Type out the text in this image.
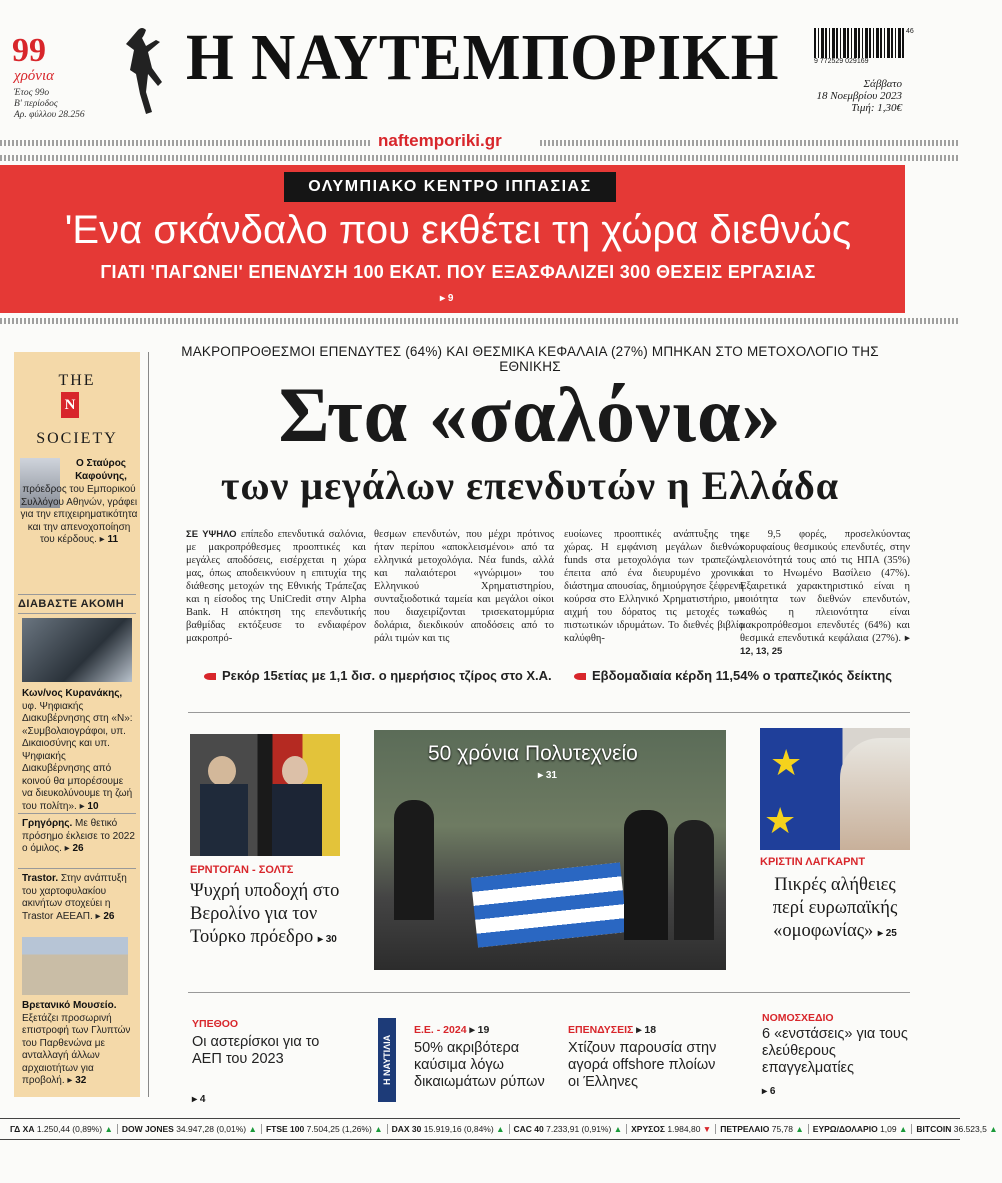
99
χρόνια
Έτος 99ο
Β' περίοδος
Αρ. φύλλου 28.256
Η ΝΑΥΤΕΜΠΟΡΙΚΗ
naftemporiki.gr
9 772529 029169
46
Σάββατο
18 Νοεμβρίου 2023
Τιμή: 1,30€
ΟΛΥΜΠΙΑΚΟ ΚΕΝΤΡΟ ΙΠΠΑΣΙΑΣ
'Ενα σκάνδαλο που εκθέτει τη χώρα διεθνώς
ΓΙΑΤΙ 'ΠΑΓΩΝΕΙ' ΕΠΕΝΔΥΣΗ 100 ΕΚΑΤ. ΠΟΥ ΕΞΑΣΦΑΛΙΖΕΙ 300 ΘΕΣΕΙΣ ΕΡΓΑΣΙΑΣ
▸ 9
THE
N
SOCIETY
Ο Σταύρος Καφούνης,
πρόεδρος του Εμπορικού Συλλόγου Αθηνών, γράφει για την επιχειρηματικότητα και την απενοχοποίηση του κέρδους. ▸ 11
ΔΙΑΒΑΣΤΕ ΑΚΟΜΗ
Κων/νος Κυρανάκης, υφ. Ψηφιακής Διακυβέρνησης στη «Ν»: «Συμβολαιογράφοι, υπ. Δικαιοσύνης και υπ. Ψηφιακής Διακυβέρνησης από κοινού θα μπορέσουμε να διευκολύνουμε τη ζωή του πολίτη». ▸ 10
Γρηγόρης. Με θετικό πρόσημο έκλεισε το 2022 ο όμιλος. ▸ 26
Trastor. Στην ανάπτυξη του χαρτοφυλακίου ακινήτων στοχεύει η Trastor ΑΕΕΑΠ. ▸ 26
Βρετανικό Μουσείο. Εξετάζει προσωρινή επιστροφή των Γλυπτών του Παρθενώνα με ανταλλαγή άλλων αρχαιοτήτων για προβολή. ▸ 32
ΜΑΚΡΟΠΡΟΘΕΣΜΟΙ ΕΠΕΝΔΥΤΕΣ (64%) ΚΑΙ ΘΕΣΜΙΚΑ ΚΕΦΑΛΑΙΑ (27%) ΜΠΗΚΑΝ ΣΤΟ ΜΕΤΟΧΟΛΟΓΙΟ ΤΗΣ ΕΘΝΙΚΗΣ
Στα «σαλόνια»
των μεγάλων επενδυτών η Ελλάδα
ΣΕ ΥΨΗΛΟ επίπεδο επενδυτικά σαλόνια, με μακροπρόθεσμες προοπτικές και μεγάλες αποδόσεις, εισέρχεται η χώρα μας, όπως αποδεικνύουν η επιτυχία της διάθεσης μετοχών της Εθνικής Τράπεζας και η είσοδος της UniCredit στην Alpha Bank. Η απόκτηση της επενδυτικής βαθμίδας εκτόξευσε το ενδιαφέρον μακροπρό-
θεσμων επενδυτών, που μέχρι πρότινος ήταν περίπου «αποκλεισμένοι» από τα ελληνικά μετοχολόγια. Νέα funds, αλλά και παλαιότεροι «γνώριμοι» του Ελληνικού Χρηματιστηρίου, συνταξιοδοτικά ταμεία και μεγάλοι οίκοι που διαχειρίζονται τρισεκατομμύρια δολάρια, διεκδικούν αποδόσεις από το ράλι τιμών και τις
ευοίωνες προοπτικές ανάπτυξης της χώρας. Η εμφάνιση μεγάλων διεθνών funds στα μετοχολόγια των τραπεζών, έπειτα από ένα διευρυμένο χρονικό διάστημα απουσίας, δημιούργησε ξέφρενη κούρσα στο Ελληνικό Χρηματιστήριο, με αιχμή του δόρατος τις μετοχές των πιστωτικών ιδρυμάτων. Το διεθνές βιβλίο καλύφθη-
κε 9,5 φορές, προσελκύοντας κορυφαίους θεσμικούς επενδυτές, στην πλειονότητά τους από τις ΗΠΑ (35%) και το Ηνωμένο Βασίλειο (47%). Εξαιρετικά χαρακτηριστικό είναι η ποιότητα των διεθνών επενδυτών, καθώς η πλειονότητα είναι μακροπρόθεσμοι επενδυτές (64%) και θεσμικά επενδυτικά κεφάλαια (27%). ▸ 12, 13, 25
Ρεκόρ 15ετίας με 1,1 δισ. ο ημερήσιος τζίρος στο Χ.Α.	Εβδομαδιαία κέρδη 11,54% ο τραπεζικός δείκτης
ΕΡΝΤΟΓΑΝ - ΣΟΛΤΣ
Ψυχρή υποδοχή στο Βερολίνο για τον Τούρκο πρόεδρο ▸ 30
50 χρόνια Πολυτεχνείο
▸ 31	★
★
ΚΡΙΣΤΙΝ ΛΑΓΚΑΡΝΤ
Πικρές αλήθειες περί ευρωπαϊκής «ομοφωνίας» ▸ 25
ΥΠΕΘΟΟ
Οι αστερίσκοι για το ΑΕΠ του 2023
▸ 4
Η ΝΑΥΤΙΛΙΑ
Ε.Ε. - 2024 ▸ 19
50% ακριβότερα καύσιμα λόγω δικαιωμάτων ρύπων
ΕΠΕΝΔΥΣΕΙΣ ▸ 18
Χτίζουν παρουσία στην αγορά offshore πλοίων οι Έλληνες
ΝΟΜΟΣΧΕΔΙΟ
6 «ενστάσεις» για τους ελεύθερους επαγγελματίες
▸ 6
ΓΔ ΧΑ 1.250,44 (0,89%) ▲	DOW JONES 34.947,28 (0,01%) ▲	FTSE 100 7.504,25 (1,26%) ▲	DAX 30 15.919,16 (0,84%) ▲	CAC 40 7.233,91 (0,91%) ▲	ΧΡΥΣΟΣ 1.984,80 ▼	ΠΕΤΡΕΛΑΙΟ 75,78 ▲	ΕΥΡΩ/ΔΟΛΑΡΙΟ 1,09 ▲	BITCOIN 36.523,5 ▲
